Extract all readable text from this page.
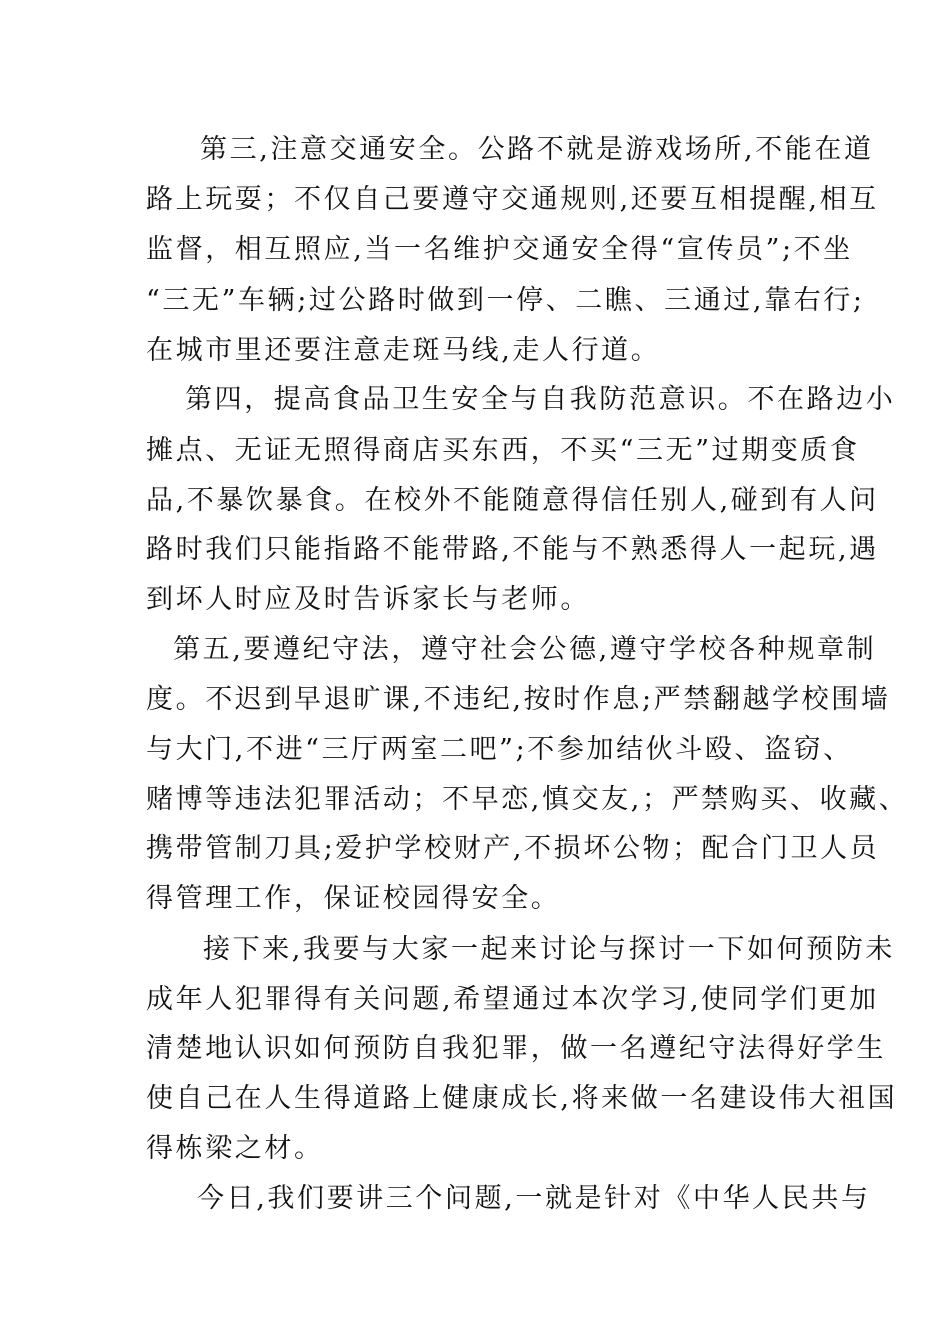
第三,注意交通安全。公路不就是游戏场所,不能在道
路上玩耍；不仅自己要遵守交通规则,还要互相提醒,相互
监督，相互照应,当一名维护交通安全得“宣传员”;不坐
“三无”车辆;过公路时做到一停、二瞧、三通过,靠右行;
在城市里还要注意走斑马线,走人行道。
第四，提高食品卫生安全与自我防范意识。不在路边小
摊点、无证无照得商店买东西，不买“三无”过期变质食
品,不暴饮暴食。在校外不能随意得信任别人,碰到有人问
路时我们只能指路不能带路,不能与不熟悉得人一起玩,遇
到坏人时应及时告诉家长与老师。
第五,要遵纪守法，遵守社会公德,遵守学校各种规章制
度。不迟到早退旷课,不违纪,按时作息;严禁翻越学校围墙
与大门,不进“三厅两室二吧”;不参加结伙斗殴、盗窃、
赌博等违法犯罪活动；不早恋,慎交友,；严禁购买、收藏、
携带管制刀具;爱护学校财产,不损坏公物；配合门卫人员
得管理工作，保证校园得安全。
接下来,我要与大家一起来讨论与探讨一下如何预防未
成年人犯罪得有关问题,希望通过本次学习,使同学们更加
清楚地认识如何预防自我犯罪，做一名遵纪守法得好学生
使自己在人生得道路上健康成长,将来做一名建设伟大祖国
得栋梁之材。
今日,我们要讲三个问题,一就是针对《中华人民共与
